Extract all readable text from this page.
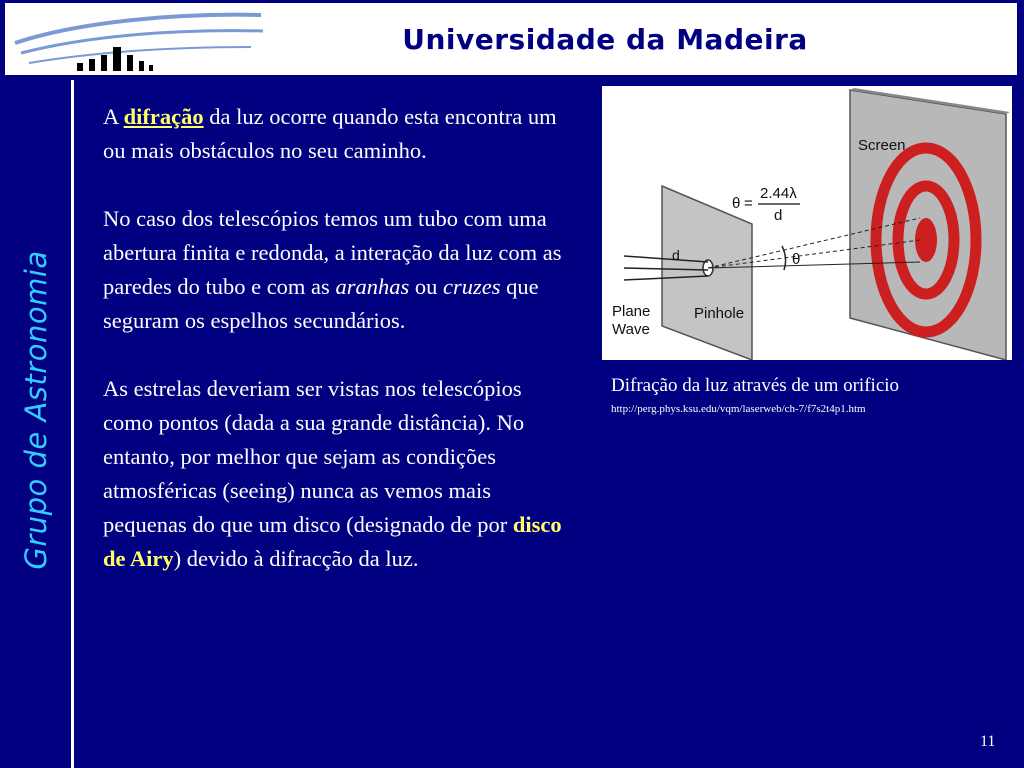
Universidade da Madeira
Grupo de Astronomia

A difração da luz ocorre quando esta encontra um ou mais obstáculos no seu caminho.

No caso dos telescópios temos um tubo com uma abertura finita e redonda, a interação da luz com as paredes do tubo e com as aranhas ou cruzes que seguram os espelhos secundários.

As estrelas deveriam ser vistas nos telescópios como pontos (dada a sua grande distância). No entanto, por melhor que sejam as condições atmosféricas (seeing) nunca as vemos mais pequenas do que um disco (designado de por disco de Airy) devido à difracção da luz.

Screen
θ =
2.44λ
d
θ
d
Plane
Wave
Pinhole
Difração da luz através de um orificio
http://perg.phys.ksu.edu/vqm/laserweb/ch-7/f7s2t4p1.htm
11
